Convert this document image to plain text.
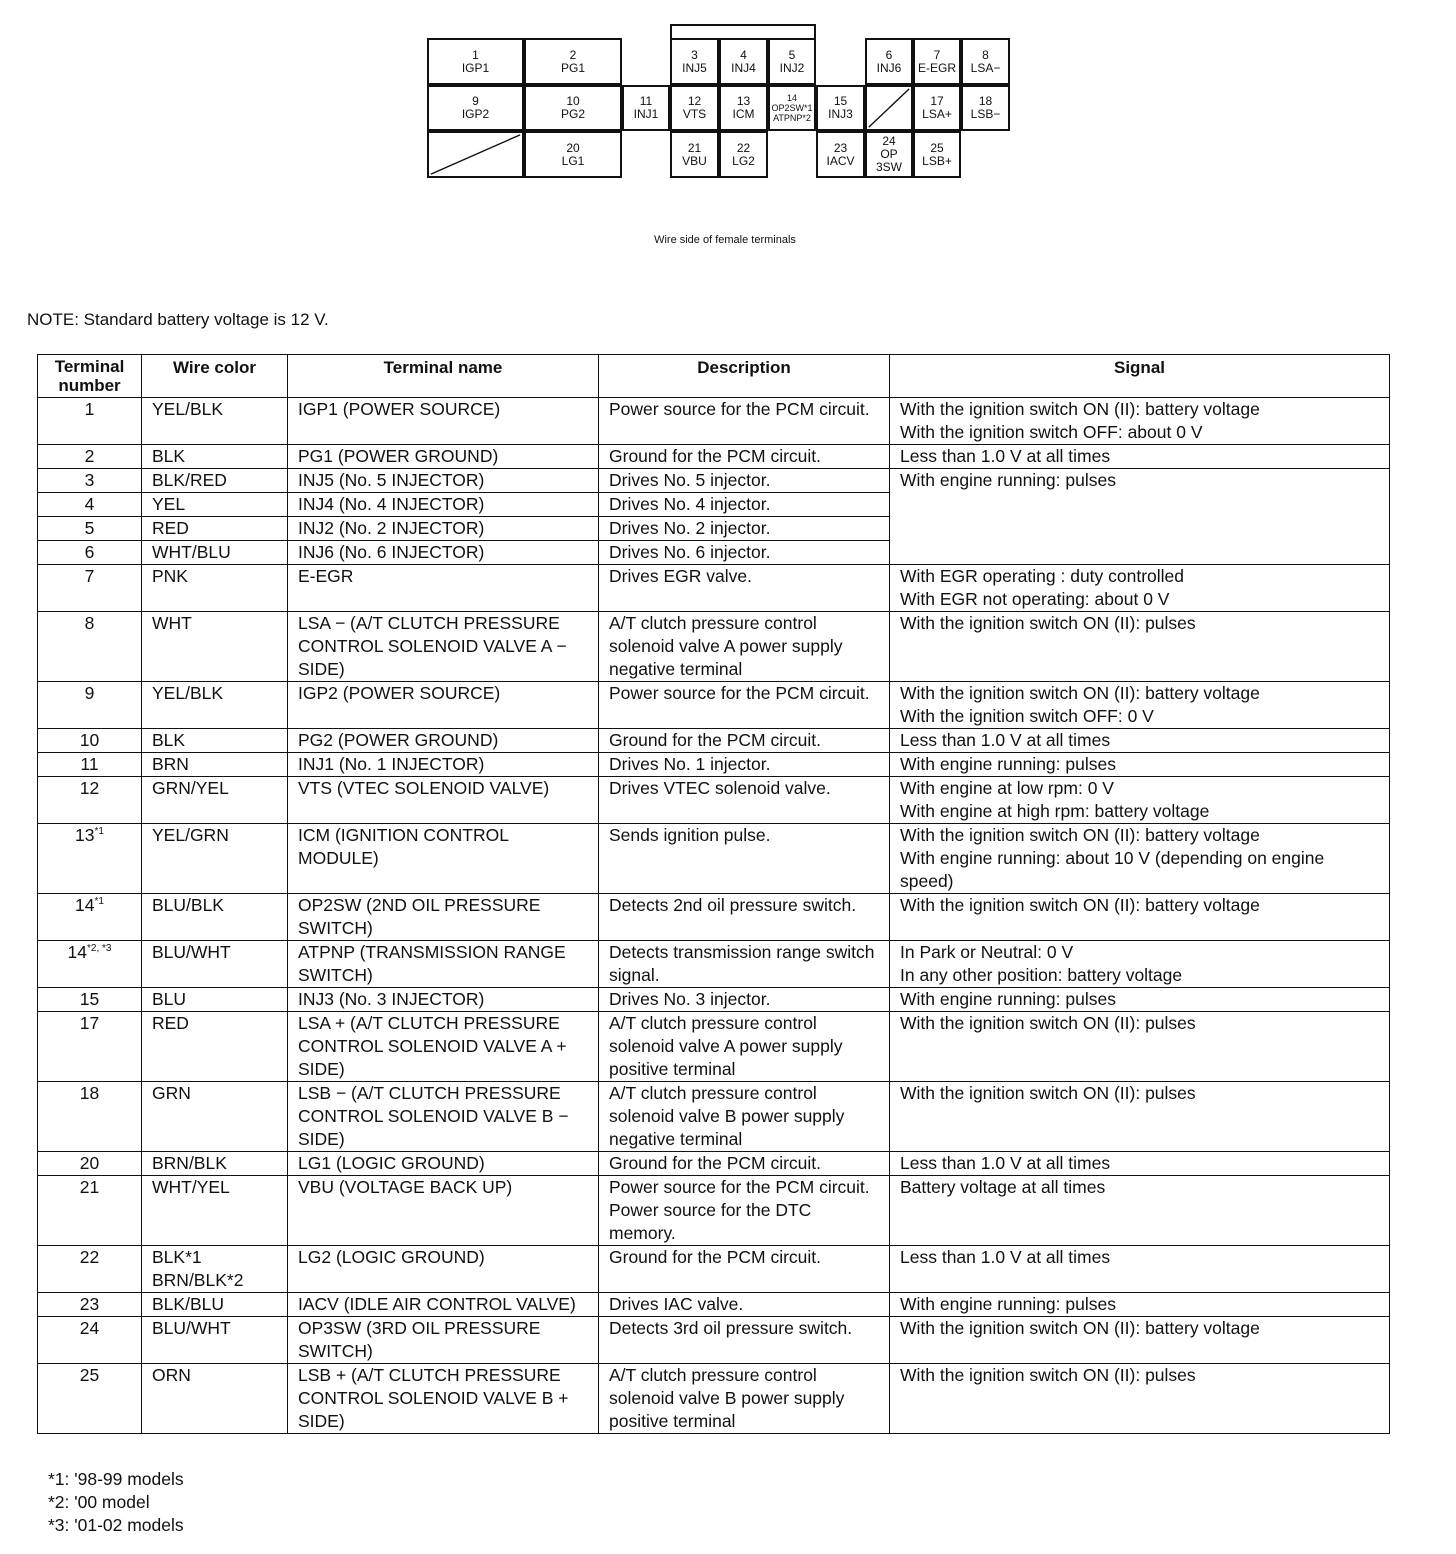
1
IGP1
2
PG1
3
INJ5
4
INJ4
5
INJ2
6
INJ6
7
E-EGR
8
LSA−
9
IGP2
10
PG2
11
INJ1
12
VTS
13
ICM
14
OP2SW*1 ATPNP*2
15
INJ3
17
LSA+
18
LSB−
20
LG1
21
VBU
22
LG2
23
IACV
24
OP 3SW
25
LSB+
Wire side of female terminals
NOTE: Standard battery voltage is 12 V.
Terminal number	Wire color	Terminal name	Description	Signal
1	YEL/BLK	IGP1 (POWER SOURCE)	Power source for the PCM circuit.	With the ignition switch ON (II): battery voltage
With the ignition switch OFF: about 0 V
2	BLK	PG1 (POWER GROUND)	Ground for the PCM circuit.	Less than 1.0 V at all times
3	BLK/RED	INJ5 (No. 5 INJECTOR)	Drives No. 5 injector.	With engine running: pulses
4	YEL	INJ4 (No. 4 INJECTOR)	Drives No. 4 injector.	
5	RED	INJ2 (No. 2 INJECTOR)	Drives No. 2 injector.	
6	WHT/BLU	INJ6 (No. 6 INJECTOR)	Drives No. 6 injector.	
7	PNK	E-EGR	Drives EGR valve.	With EGR operating : duty controlled
With EGR not operating: about 0 V
8	WHT	LSA − (A/T CLUTCH PRESSURE CONTROL SOLENOID VALVE A − SIDE)	A/T clutch pressure control solenoid valve A power supply negative terminal	With the ignition switch ON (II): pulses
9	YEL/BLK	IGP2 (POWER SOURCE)	Power source for the PCM circuit.	With the ignition switch ON (II): battery voltage
With the ignition switch OFF: 0 V
10	BLK	PG2 (POWER GROUND)	Ground for the PCM circuit.	Less than 1.0 V at all times
11	BRN	INJ1 (No. 1 INJECTOR)	Drives No. 1 injector.	With engine running: pulses
12	GRN/YEL	VTS (VTEC SOLENOID VALVE)	Drives VTEC solenoid valve.	With engine at low rpm: 0 V
With engine at high rpm: battery voltage
13$^{*1}$	YEL/GRN	ICM (IGNITION CONTROL MODULE)	Sends ignition pulse.	With the ignition switch ON (II): battery voltage
With engine running: about 10 V (depending on engine speed)
14$^{*1}$	BLU/BLK	OP2SW (2ND OIL PRESSURE SWITCH)	Detects 2nd oil pressure switch.	With the ignition switch ON (II): battery voltage
$14^{*2, *3}$	BLU/WHT	ATPNP (TRANSMISSION RANGE SWITCH)	Detects transmission range switch signal.	In Park or Neutral: 0 V
In any other position: battery voltage
15	BLU	INJ3 (No. 3 INJECTOR)	Drives No. 3 injector.	With engine running: pulses
17	RED	LSA + (A/T CLUTCH PRESSURE CONTROL SOLENOID VALVE A + SIDE)	A/T clutch pressure control solenoid valve A power supply positive terminal	With the ignition switch ON (II): pulses
18	GRN	LSB − (A/T CLUTCH PRESSURE CONTROL SOLENOID VALVE B − SIDE)	A/T clutch pressure control solenoid valve B power supply negative terminal	With the ignition switch ON (II): pulses
20	BRN/BLK	LG1 (LOGIC GROUND)	Ground for the PCM circuit.	Less than 1.0 V at all times
21	WHT/YEL	VBU (VOLTAGE BACK UP)	Power source for the PCM circuit.
Power source for the DTC memory.	Battery voltage at all times
22	BLK*1
BRN/BLK*2	LG2 (LOGIC GROUND)	Ground for the PCM circuit.	Less than 1.0 V at all times
23	BLK/BLU	IACV (IDLE AIR CONTROL VALVE)	Drives IAC valve.	With engine running: pulses
24	BLU/WHT	OP3SW (3RD OIL PRESSURE SWITCH)	Detects 3rd oil pressure switch.	With the ignition switch ON (II): battery voltage
25	ORN	LSB + (A/T CLUTCH PRESSURE CONTROL SOLENOID VALVE B + SIDE)	A/T clutch pressure control solenoid valve B power supply positive terminal	With the ignition switch ON (II): pulses
*1: '98-99 models
*2: '00 model
*3: '01-02 models
